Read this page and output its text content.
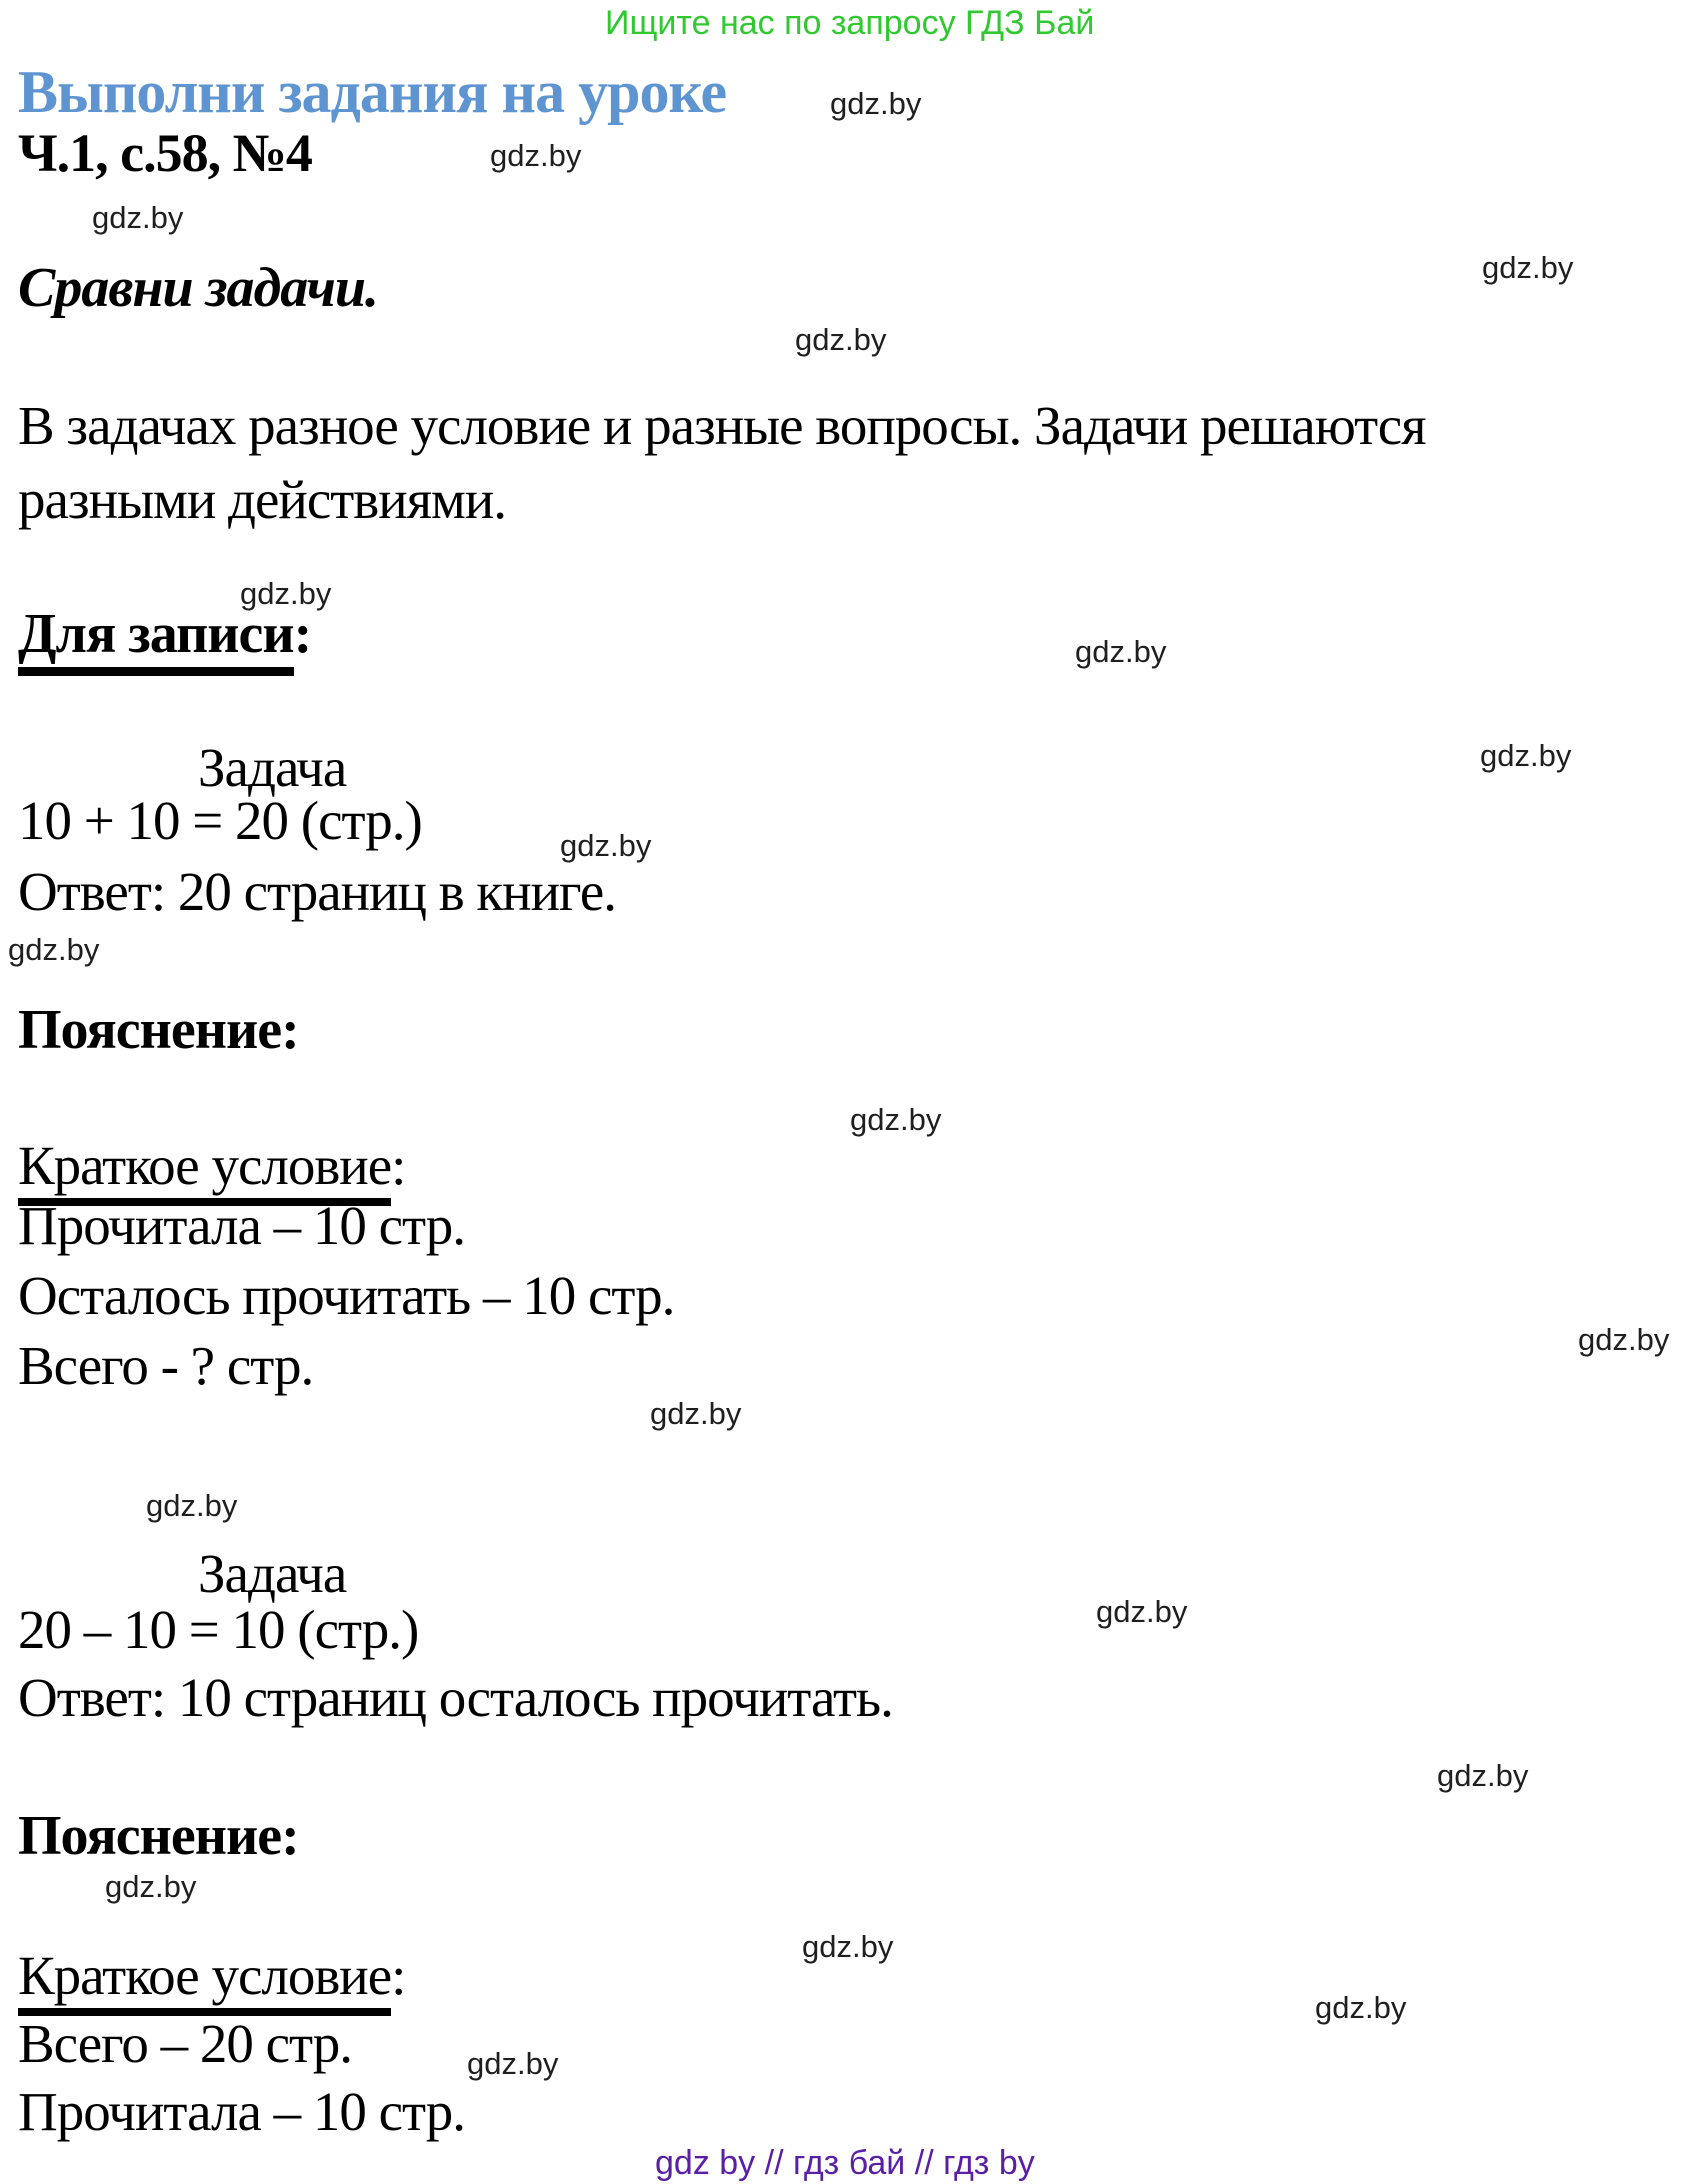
Ищите нас по запросу ГДЗ Бай
Выполни задания на уроке	gdz.by
Ч.1, с.58, №4	gdz.by
gdz.by
Сравни задачи.	gdz.by
gdz.by
В задачах разное условие и разные вопросы. Задачи решаются
разными действиями.
gdz.by
Для записи:	gdz.by
Задача	gdz.by
10 + 10 = 20 (стр.)	gdz.by
Ответ: 20 страниц в книге.
gdz.by
Пояснение:
gdz.by
Краткое условие:
Прочитала – 10 стр.
Осталось прочитать – 10 стр.
Всего - ? стр.	gdz.by
gdz.by
gdz.by
Задача
gdz.by
20 – 10 = 10 (стр.)
Ответ: 10 страниц осталось прочитать.
gdz.by
Пояснение:
gdz.by
gdz.by
Краткое условие:
gdz.by
Всего – 20 стр.	gdz.by
Прочитала – 10 стр.
gdz by // гдз бай // гдз by
